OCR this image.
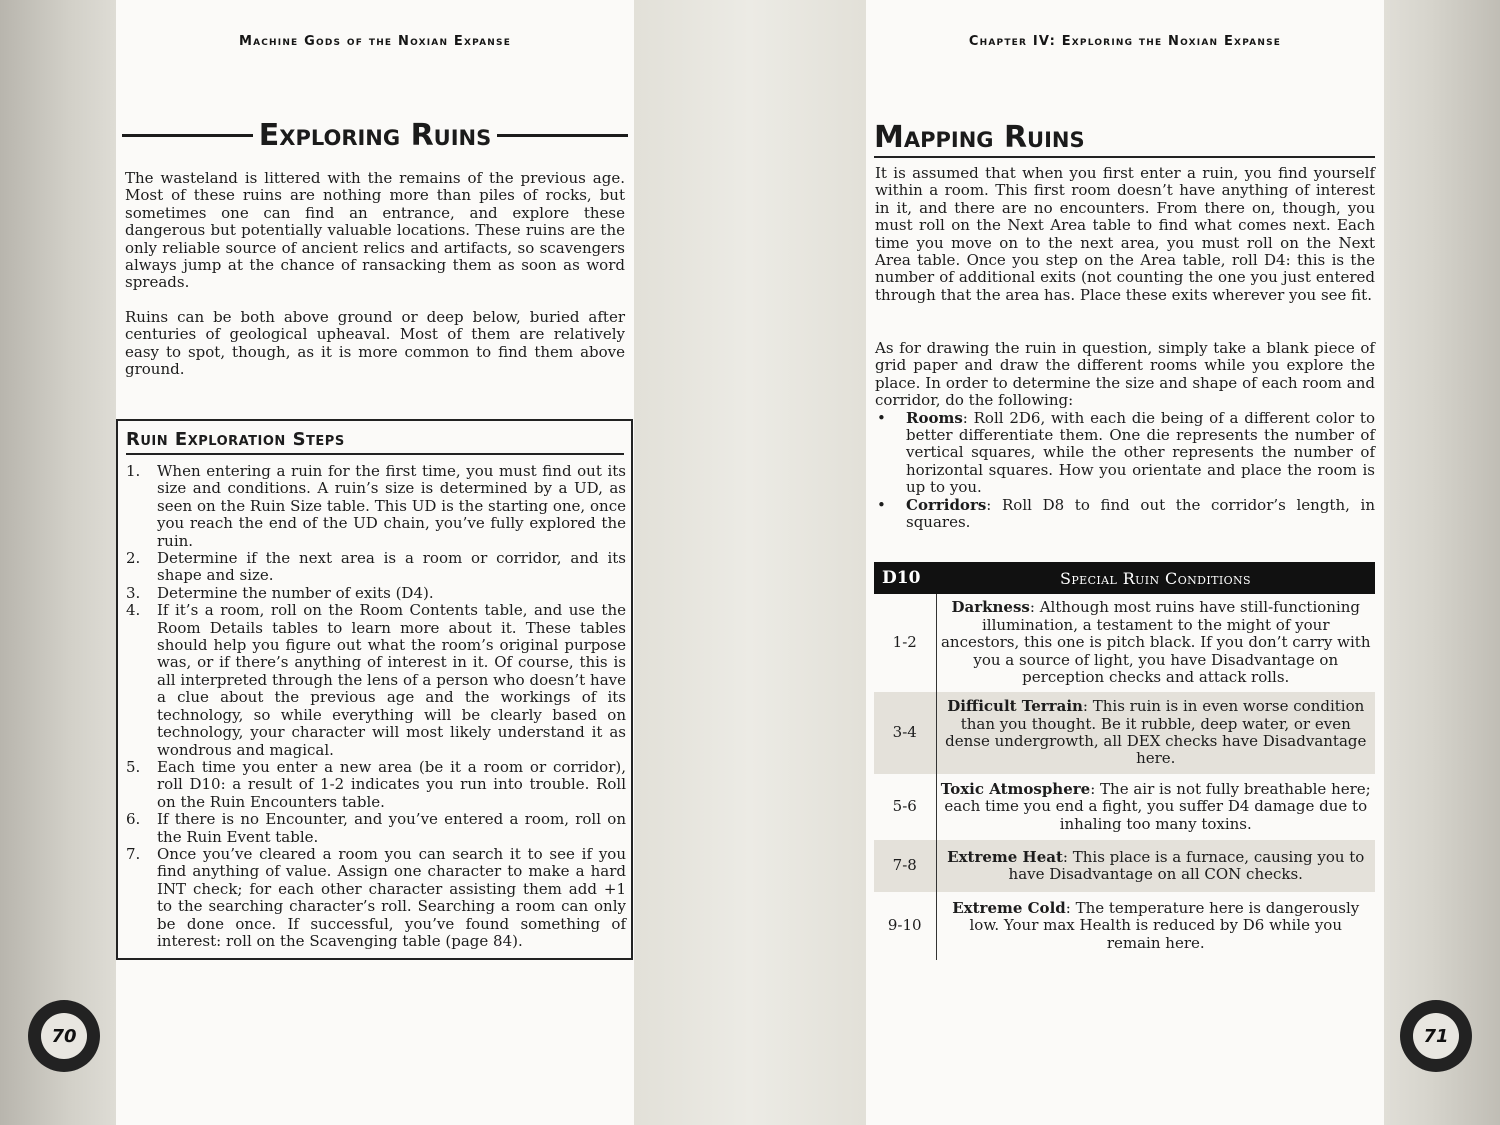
Machine Gods of the Noxian Expanse
Exploring Ruins

The wasteland is littered with the remains of the previous age. Most of these ruins are nothing more than piles of rocks, but sometimes one can find an entrance, and explore these dangerous but potentially valuable locations. These ruins are the only reliable source of ancient relics and artifacts, so scavengers always jump at the chance of ransacking them as soon as word spreads.

Ruins can be both above ground or deep below, buried after centuries of geological upheaval. Most of them are relatively easy to spot, though, as it is more common to find them above ground.

Ruin Exploration Steps
1. When entering a ruin for the first time, you must find out its size and conditions. A ruin’s size is determined by a UD, as seen on the Ruin Size table. This UD is the starting one, once you reach the end of the UD chain, you’ve fully explored the ruin.
2. Determine if the next area is a room or corridor, and its shape and size.
3. Determine the number of exits (D4).
4. If it’s a room, roll on the Room Contents table, and use the Room Details tables to learn more about it. These tables should help you figure out what the room’s original purpose was, or if there’s anything of interest in it. Of course, this is all interpreted through the lens of a person who doesn’t have a clue about the previous age and the workings of its technology, so while everything will be clearly based on technology, your character will most likely understand it as wondrous and magical.
5. Each time you enter a new area (be it a room or corridor), roll D10: a result of 1-2 indicates you run into trouble. Roll on the Ruin Encounters table.
6. If there is no Encounter, and you’ve entered a room, roll on the Ruin Event table.
7. Once you’ve cleared a room you can search it to see if you find anything of value. Assign one character to make a hard INT check; for each other character assisting them add +1 to the searching character’s roll. Searching a room can only be done once. If successful, you’ve found something of interest: roll on the Scavenging table (page 84).
70
Chapter IV: Exploring the Noxian Expanse
Mapping Ruins

It is assumed that when you first enter a ruin, you find yourself within a room. This first room doesn’t have anything of interest in it, and there are no encounters. From there on, though, you must roll on the Next Area table to find what comes next. Each time you move on to the next area, you must roll on the Next Area table. Once you step on the Area table, roll D4: this is the number of additional exits (not counting the one you just entered through that the area has. Place these exits wherever you see fit.

As for drawing the ruin in question, simply take a blank piece of grid paper and draw the different rooms while you explore the place. In order to determine the size and shape of each room and corridor, do the following:

• Rooms: Roll 2D6, with each die being of a different color to better differentiate them. One die represents the number of vertical squares, while the other represents the number of horizontal squares. How you orientate and place the room is up to you.
• Corridors: Roll D8 to find out the corridor’s length, in squares.
D10	Special Ruin Conditions
1-2	Darkness: Although most ruins have still-functioning illumination, a testament to the might of your ancestors, this one is pitch black. If you don’t carry with you a source of light, you have Disadvantage on perception checks and attack rolls.
3-4	Difficult Terrain: This ruin is in even worse condition than you thought. Be it rubble, deep water, or even dense undergrowth, all DEX checks have Disadvantage here.
5-6	Toxic Atmosphere: The air is not fully breathable here; each time you end a fight, you suffer D4 damage due to inhaling too many toxins.
7-8	Extreme Heat: This place is a furnace, causing you to have Disadvantage on all CON checks.
9-10	Extreme Cold: The temperature here is dangerously low. Your max Health is reduced by D6 while you remain here.
71
